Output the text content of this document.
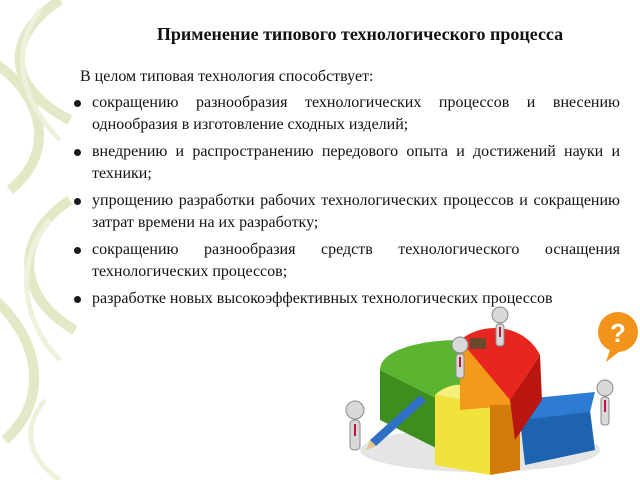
Применение типового технологического процесса

В целом типовая технология способствует:

сокращению разнообразия технологических процессов и внесению однообразия в изготовление сходных изделий;
внедрению и распространению передового опыта и достижений науки и техники;
упрощению разработки рабочих технологических процессов и сокращению затрат времени на их разработку;
сокращению разнообразия средств технологического оснащения технологических процессов;
разработке новых высокоэффективных технологических процессов
?
